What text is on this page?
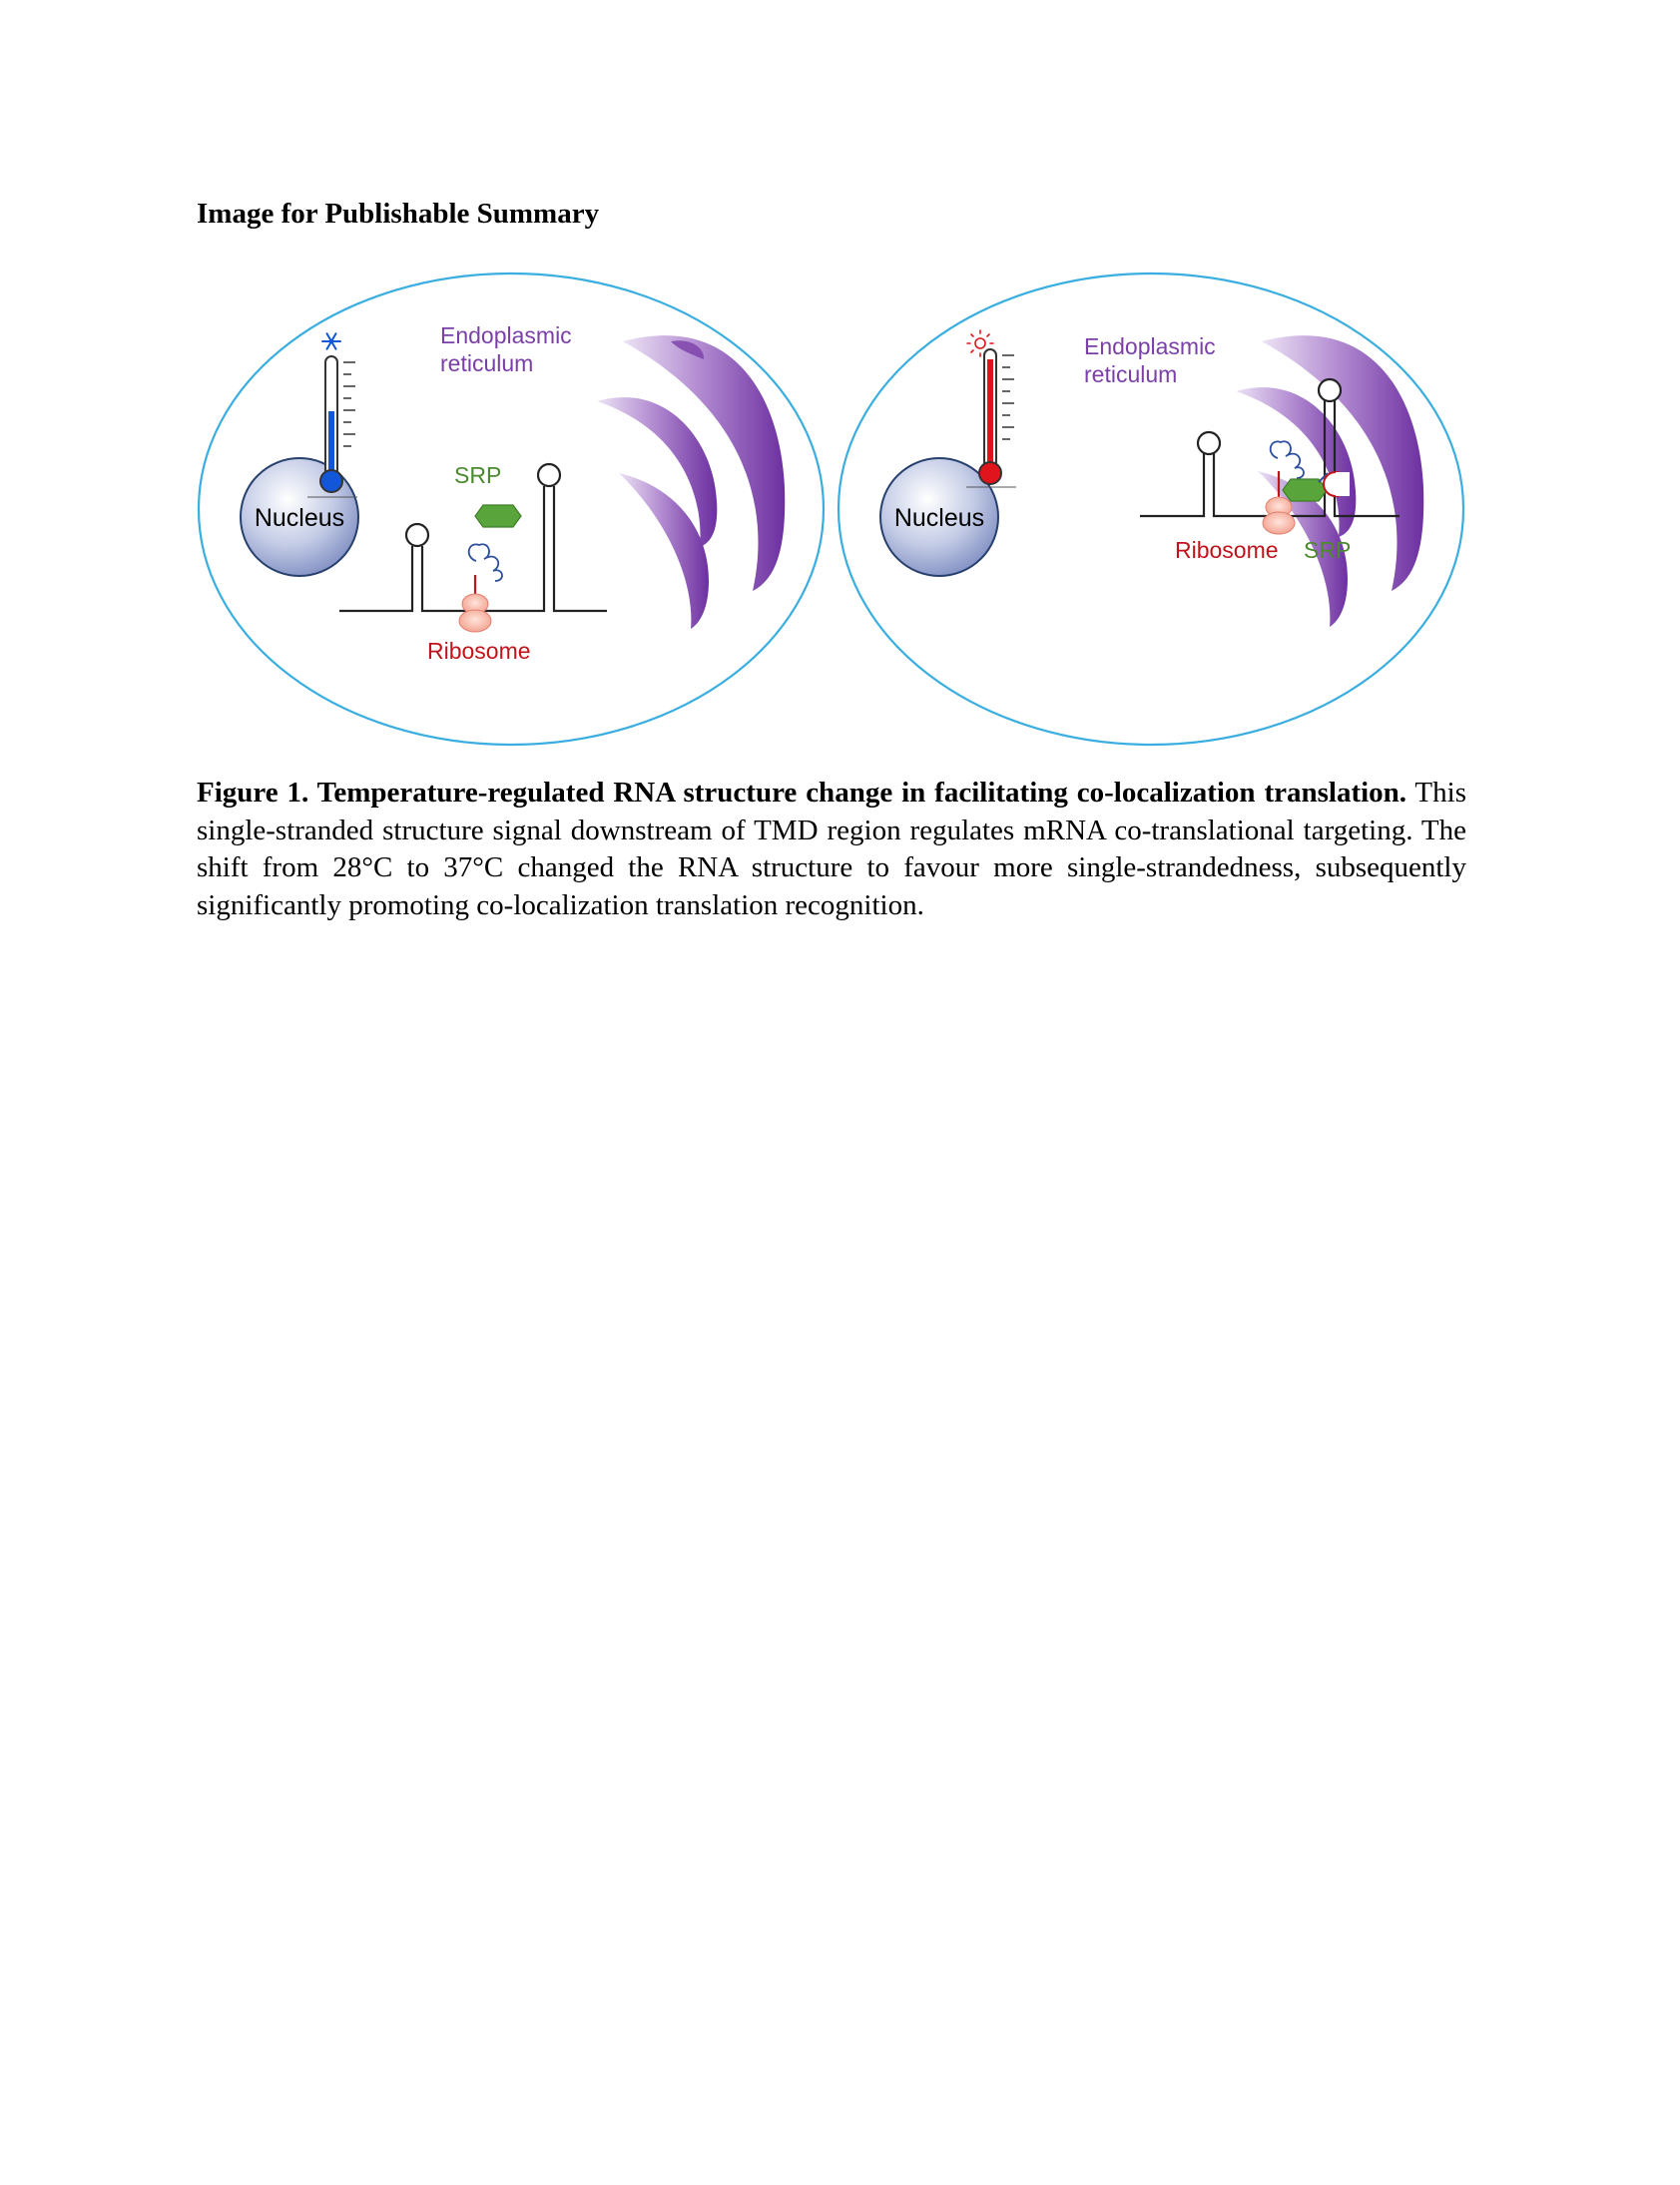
Image for Publishable Summary
Endoplasmic
reticulum
Nucleus
SRP
Ribosome
Endoplasmic
reticulum
Nucleus
Ribosome SRP
Figure 1. Temperature-regulated RNA structure change in facilitating co-localization translation. This single-stranded structure signal downstream of TMD region regulates mRNA co-translational targeting. The shift from 28°C to 37°C changed the RNA structure to favour more single-strandedness, subsequently significantly promoting co-localization translation recognition.
